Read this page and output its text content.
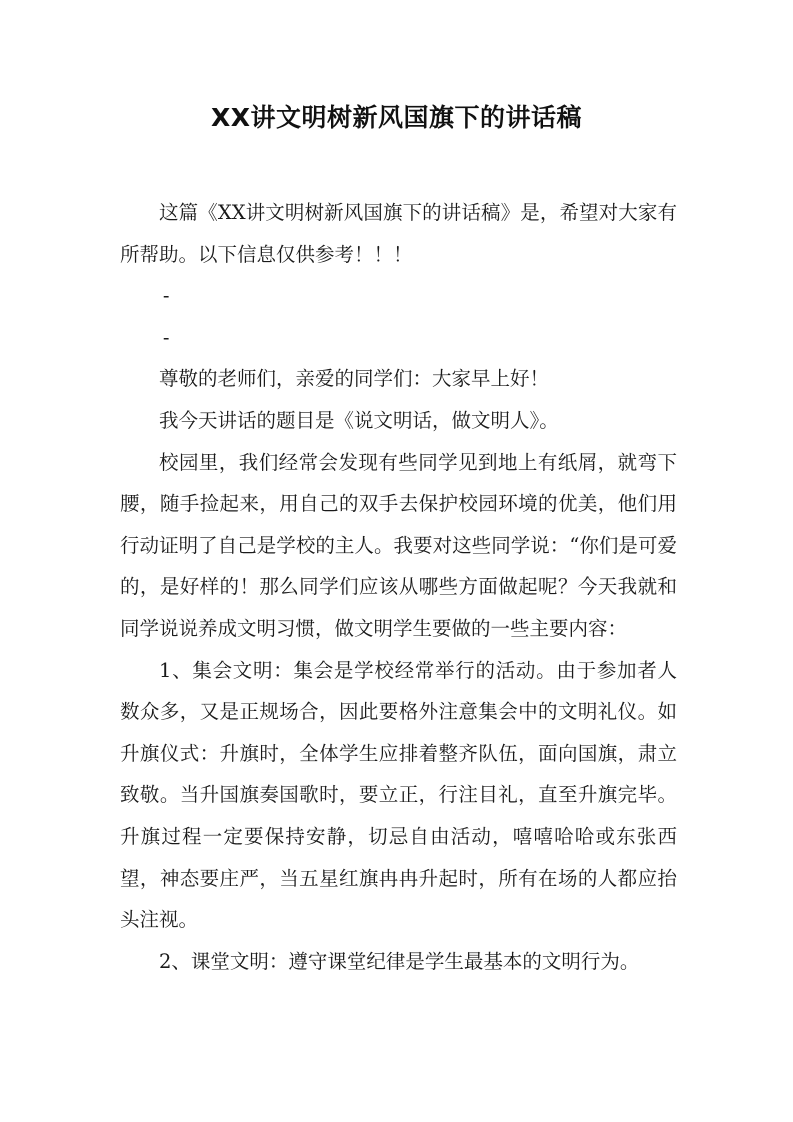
XX讲文明树新风国旗下的讲话稿

这篇《XX讲文明树新风国旗下的讲话稿》是，希望对大家有所帮助。以下信息仅供参考！！！

-

-

尊敬的老师们，亲爱的同学们：大家早上好！

我今天讲话的题目是《说文明话，做文明人》。

校园里，我们经常会发现有些同学见到地上有纸屑，就弯下腰，随手捡起来，用自己的双手去保护校园环境的优美，他们用行动证明了自己是学校的主人。我要对这些同学说：“你们是可爱的，是好样的！那么同学们应该从哪些方面做起呢？今天我就和同学说说养成文明习惯，做文明学生要做的一些主要内容：

1、集会文明：集会是学校经常举行的活动。由于参加者人数众多，又是正规场合，因此要格外注意集会中的文明礼仪。如升旗仪式：升旗时，全体学生应排着整齐队伍，面向国旗，肃立致敬。当升国旗奏国歌时，要立正，行注目礼，直至升旗完毕。升旗过程一定要保持安静，切忌自由活动，嘻嘻哈哈或东张西望，神态要庄严，当五星红旗冉冉升起时，所有在场的人都应抬头注视。

2、课堂文明：遵守课堂纪律是学生最基本的文明行为。
